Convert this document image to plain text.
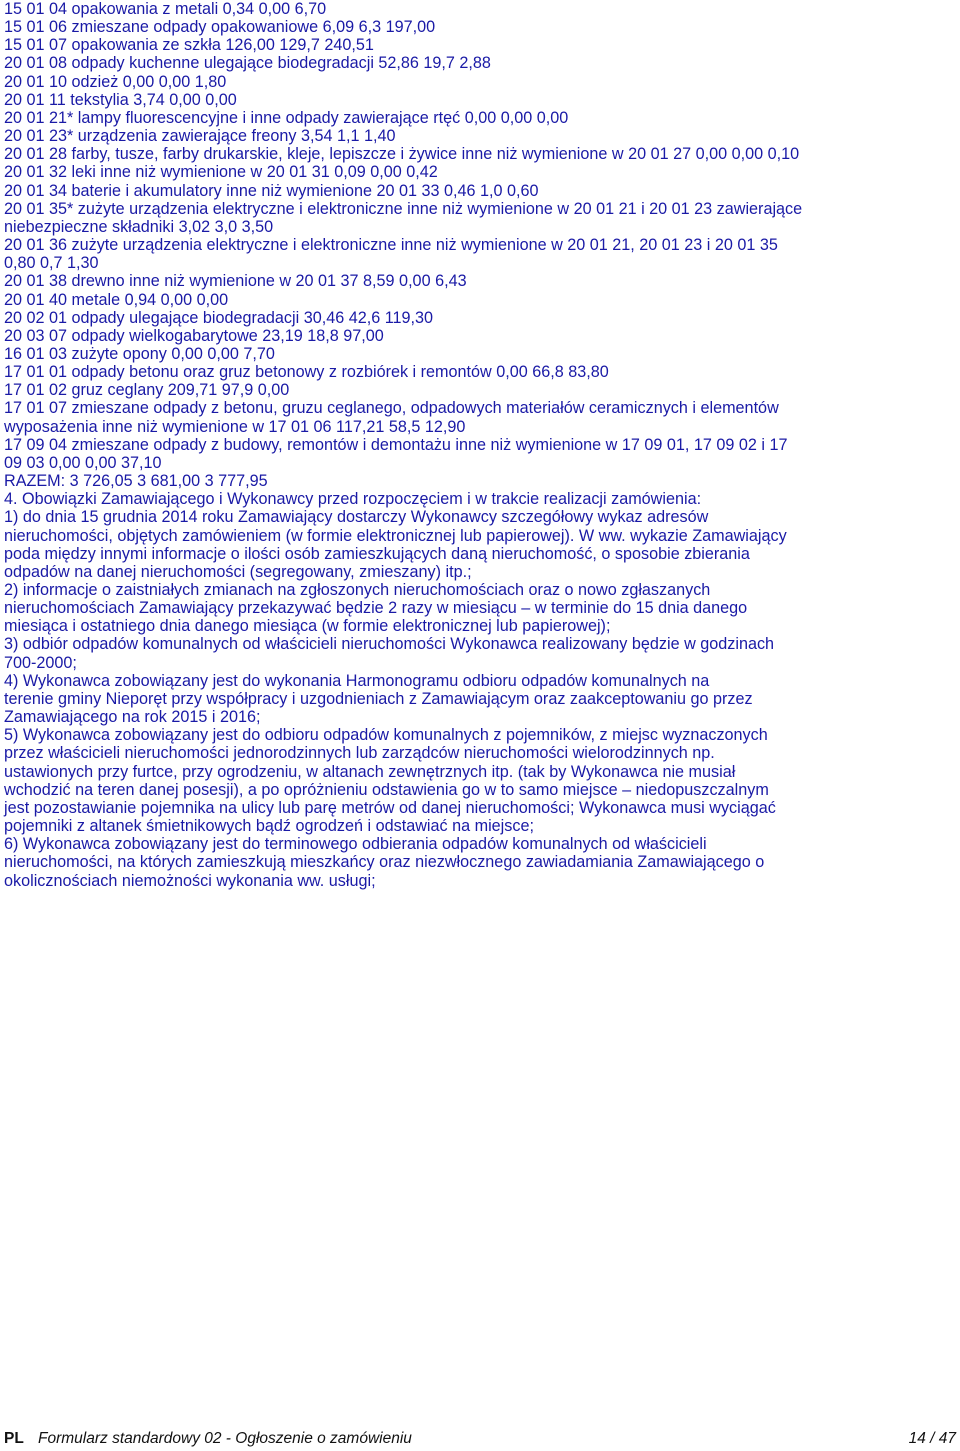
15 01 04 opakowania z metali 0,34 0,00 6,70
15 01 06 zmieszane odpady opakowaniowe 6,09 6,3 197,00
15 01 07 opakowania ze szkła 126,00 129,7 240,51
20 01 08 odpady kuchenne ulegające biodegradacji 52,86 19,7 2,88
20 01 10 odzież 0,00 0,00 1,80
20 01 11 tekstylia 3,74 0,00 0,00
20 01 21* lampy fluorescencyjne i inne odpady zawierające rtęć 0,00 0,00 0,00
20 01 23* urządzenia zawierające freony 3,54 1,1 1,40
20 01 28 farby, tusze, farby drukarskie, kleje, lepiszcze i żywice inne niż wymienione w 20 01 27 0,00 0,00 0,10
20 01 32 leki inne niż wymienione w 20 01 31 0,09 0,00 0,42
20 01 34 baterie i akumulatory inne niż wymienione 20 01 33 0,46 1,0 0,60
20 01 35* zużyte urządzenia elektryczne i elektroniczne inne niż wymienione w 20 01 21 i 20 01 23 zawierające
niebezpieczne składniki 3,02 3,0 3,50
20 01 36 zużyte urządzenia elektryczne i elektroniczne inne niż wymienione w 20 01 21, 20 01 23 i 20 01 35
0,80 0,7 1,30
20 01 38 drewno inne niż wymienione w 20 01 37 8,59 0,00 6,43
20 01 40 metale 0,94 0,00 0,00
20 02 01 odpady ulegające biodegradacji 30,46 42,6 119,30
20 03 07 odpady wielkogabarytowe 23,19 18,8 97,00
16 01 03 zużyte opony 0,00 0,00 7,70
17 01 01 odpady betonu oraz gruz betonowy z rozbiórek i remontów 0,00 66,8 83,80
17 01 02 gruz ceglany 209,71 97,9 0,00
17 01 07 zmieszane odpady z betonu, gruzu ceglanego, odpadowych materiałów ceramicznych i elementów
wyposażenia inne niż wymienione w 17 01 06 117,21 58,5 12,90
17 09 04 zmieszane odpady z budowy, remontów i demontażu inne niż wymienione w 17 09 01, 17 09 02 i 17
09 03 0,00 0,00 37,10
RAZEM: 3 726,05 3 681,00 3 777,95
4. Obowiązki Zamawiającego i Wykonawcy przed rozpoczęciem i w trakcie realizacji zamówienia:
1) do dnia 15 grudnia 2014 roku Zamawiający dostarczy Wykonawcy szczegółowy wykaz adresów
nieruchomości, objętych zamówieniem (w formie elektronicznej lub papierowej). W ww. wykazie Zamawiający
poda między innymi informacje o ilości osób zamieszkujących daną nieruchomość, o sposobie zbierania
odpadów na danej nieruchomości (segregowany, zmieszany) itp.;
2) informacje o zaistniałych zmianach na zgłoszonych nieruchomościach oraz o nowo zgłaszanych
nieruchomościach Zamawiający przekazywać będzie 2 razy w miesiącu – w terminie do 15 dnia danego
miesiąca i ostatniego dnia danego miesiąca (w formie elektronicznej lub papierowej);
3) odbiór odpadów komunalnych od właścicieli nieruchomości Wykonawca realizowany będzie w godzinach
700-2000;
4) Wykonawca zobowiązany jest do wykonania Harmonogramu odbioru odpadów komunalnych na
terenie gminy Nieporęt przy współpracy i uzgodnieniach z Zamawiającym oraz zaakceptowaniu go przez
Zamawiającego na rok 2015 i 2016;
5) Wykonawca zobowiązany jest do odbioru odpadów komunalnych z pojemników, z miejsc wyznaczonych
przez właścicieli nieruchomości jednorodzinnych lub zarządców nieruchomości wielorodzinnych np.
ustawionych przy furtce, przy ogrodzeniu, w altanach zewnętrznych itp. (tak by Wykonawca nie musiał
wchodzić na teren danej posesji), a po opróżnieniu odstawienia go w to samo miejsce – niedopuszczalnym
jest pozostawianie pojemnika na ulicy lub parę metrów od danej nieruchomości; Wykonawca musi wyciągać
pojemniki z altanek śmietnikowych bądź ogrodzeń i odstawiać na miejsce;
6) Wykonawca zobowiązany jest do terminowego odbierania odpadów komunalnych od właścicieli
nieruchomości, na których zamieszkują mieszkańcy oraz niezwłocznego zawiadamiania Zamawiającego o
okolicznościach niemożności wykonania ww. usługi;
PL Formularz standardowy 02 - Ogłoszenie o zamówieniu	14 / 47
